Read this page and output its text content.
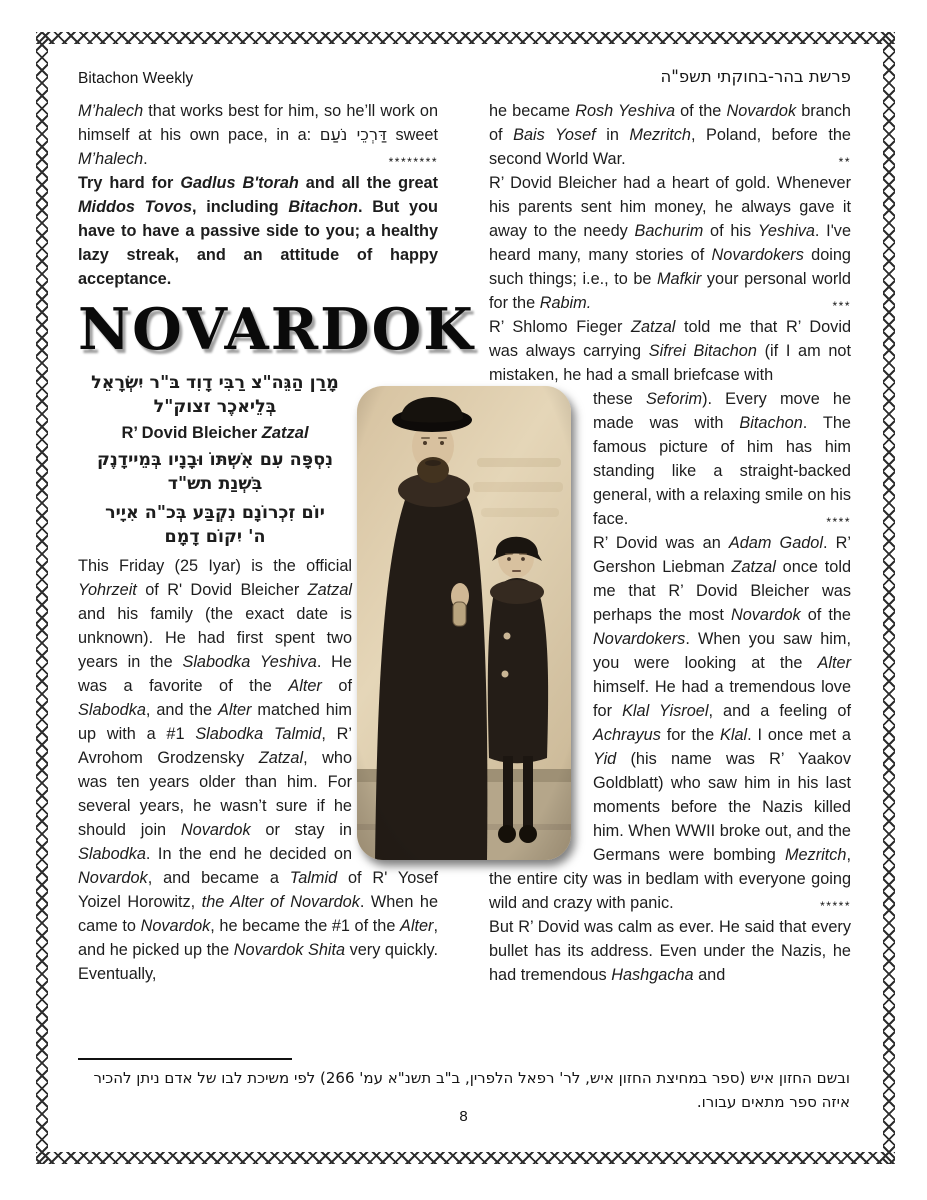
Bitachon Weekly	פרשת בהר-בחוקתי תשפ"ה
M’halech that works best for him, so he’ll work on himself at his own pace, in a: דַּרְכֵי נֹעַם sweet M’halech.	********
Try hard for Gadlus B'torah and all the great Middos Tovos, including Bitachon. But you have to have a passive side to you; a healthy lazy streak, and an attitude of happy acceptance.
NOVARDOK
מָרַן הַגֵּה"צ רַבִּי דָוִד בּ"ר יִשְׂרָאֵל
בְּלֵיאכֶר זצוק"ל
R’ Dovid Bleicher Zatzal
נִסְפָּה עִם אִשְׁתּוֹ וּבָנָיו בְּמֵיידָנֶק
בִּשְׁנַת תש"ד
יוֹם זִכְרוֹנָם נִקְבַּע בְּכ"ה אִיָיר
ה' יִקוֹם דָמָם
This Friday (25 Iyar) is the official Yohrzeit of R' Dovid Bleicher Zatzal and his family (the exact date is unknown). He had first spent two years in the Slabodka Yeshiva. He was a favorite of the Alter of Slabodka, and the Alter matched him up with a #1 Slabodka Talmid, R’ Avrohom Grodzensky Zatzal, who was ten years older than him. For several years, he wasn’t sure if he should join Novardok or stay in Slabodka. In the end he decided on Novardok, and became a Talmid of R' Yosef Yoizel Horowitz, the Alter of Novardok. When he came to Novardok, he became the #1 of the Alter, and he picked up the Novardok Shita very quickly. Eventually,
he became Rosh Yeshiva of the Novardok branch of Bais Yosef in Mezritch, Poland, before the second World War.	**
R’ Dovid Bleicher had a heart of gold. Whenever his parents sent him money, he always gave it away to the needy Bachurim of his Yeshiva. I've heard many, many stories of Novardokers doing such things; i.e., to be Mafkir your personal world for the Rabim.	***
R’ Shlomo Fieger Zatzal told me that R’ Dovid was always carrying Sifrei Bitachon (if I am not mistaken, he had a small briefcase with
these Seforim). Every move he made was with Bitachon. The famous picture of him has him standing like a straight-backed general, with a relaxing smile on his face.	****
R’ Dovid was an Adam Gadol. R’ Gershon Liebman Zatzal once told me that R’ Dovid Bleicher was perhaps the most Novardok of the Novardokers. When you saw him, you were looking at the Alter himself. He had a tremendous love for Klal Yisroel, and a feeling of Achrayus for the Klal. I once met a Yid (his name was R’ Yaakov Goldblatt) who saw him in his last moments before the Nazis killed him. When WWII broke out, and the Germans were bombing Mezritch, the entire city was in bedlam with everyone going wild and crazy with panic.	*****
But R’ Dovid was calm as ever. He said that every bullet has its address. Even under the Nazis, he had tremendous Hashgacha and
ובשם החזון איש (ספר במחיצת החזון איש, לר' רפאל הלפרין, ב"ב תשנ"א עמ' 266) לפי משיכת לבו של אדם ניתן להכיר איזה ספר מתאים עבורו.
8
